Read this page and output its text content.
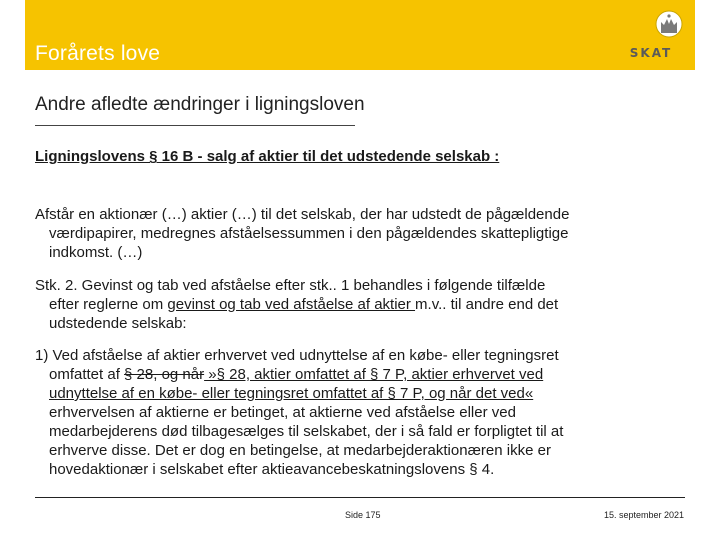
Forårets love	SKAT
Andre afledte ændringer i ligningsloven
Ligningslovens § 16 B - salg af aktier til det udstedende selskab :
Afstår en aktionær (…) aktier (…) til det selskab, der har udstedt de pågældende
værdipapirer, medregnes afståelsessummen i den pågældendes skattepligtige
indkomst. (…)
Stk. 2. Gevinst og tab ved afståelse efter stk.. 1 behandles i følgende tilfælde
efter reglerne om gevinst og tab ved afståelse af aktier m.v.. til andre end det
udstedende selskab:
1) Ved afståelse af aktier erhvervet ved udnyttelse af en købe- eller tegningsret
omfattet af § 28, og når »§ 28, aktier omfattet af § 7 P, aktier erhvervet ved
udnyttelse af en købe- eller tegningsret omfattet af § 7 P, og når det ved«
erhvervelsen af aktierne er betinget, at aktierne ved afståelse eller ved
medarbejderens død tilbagesælges til selskabet, der i så fald er forpligtet til at
erhverve disse. Det er dog en betingelse, at medarbejderaktionæren ikke er
hovedaktionær i selskabet efter aktieavancebeskatningslovens § 4.
Side 175	15. september 2021
